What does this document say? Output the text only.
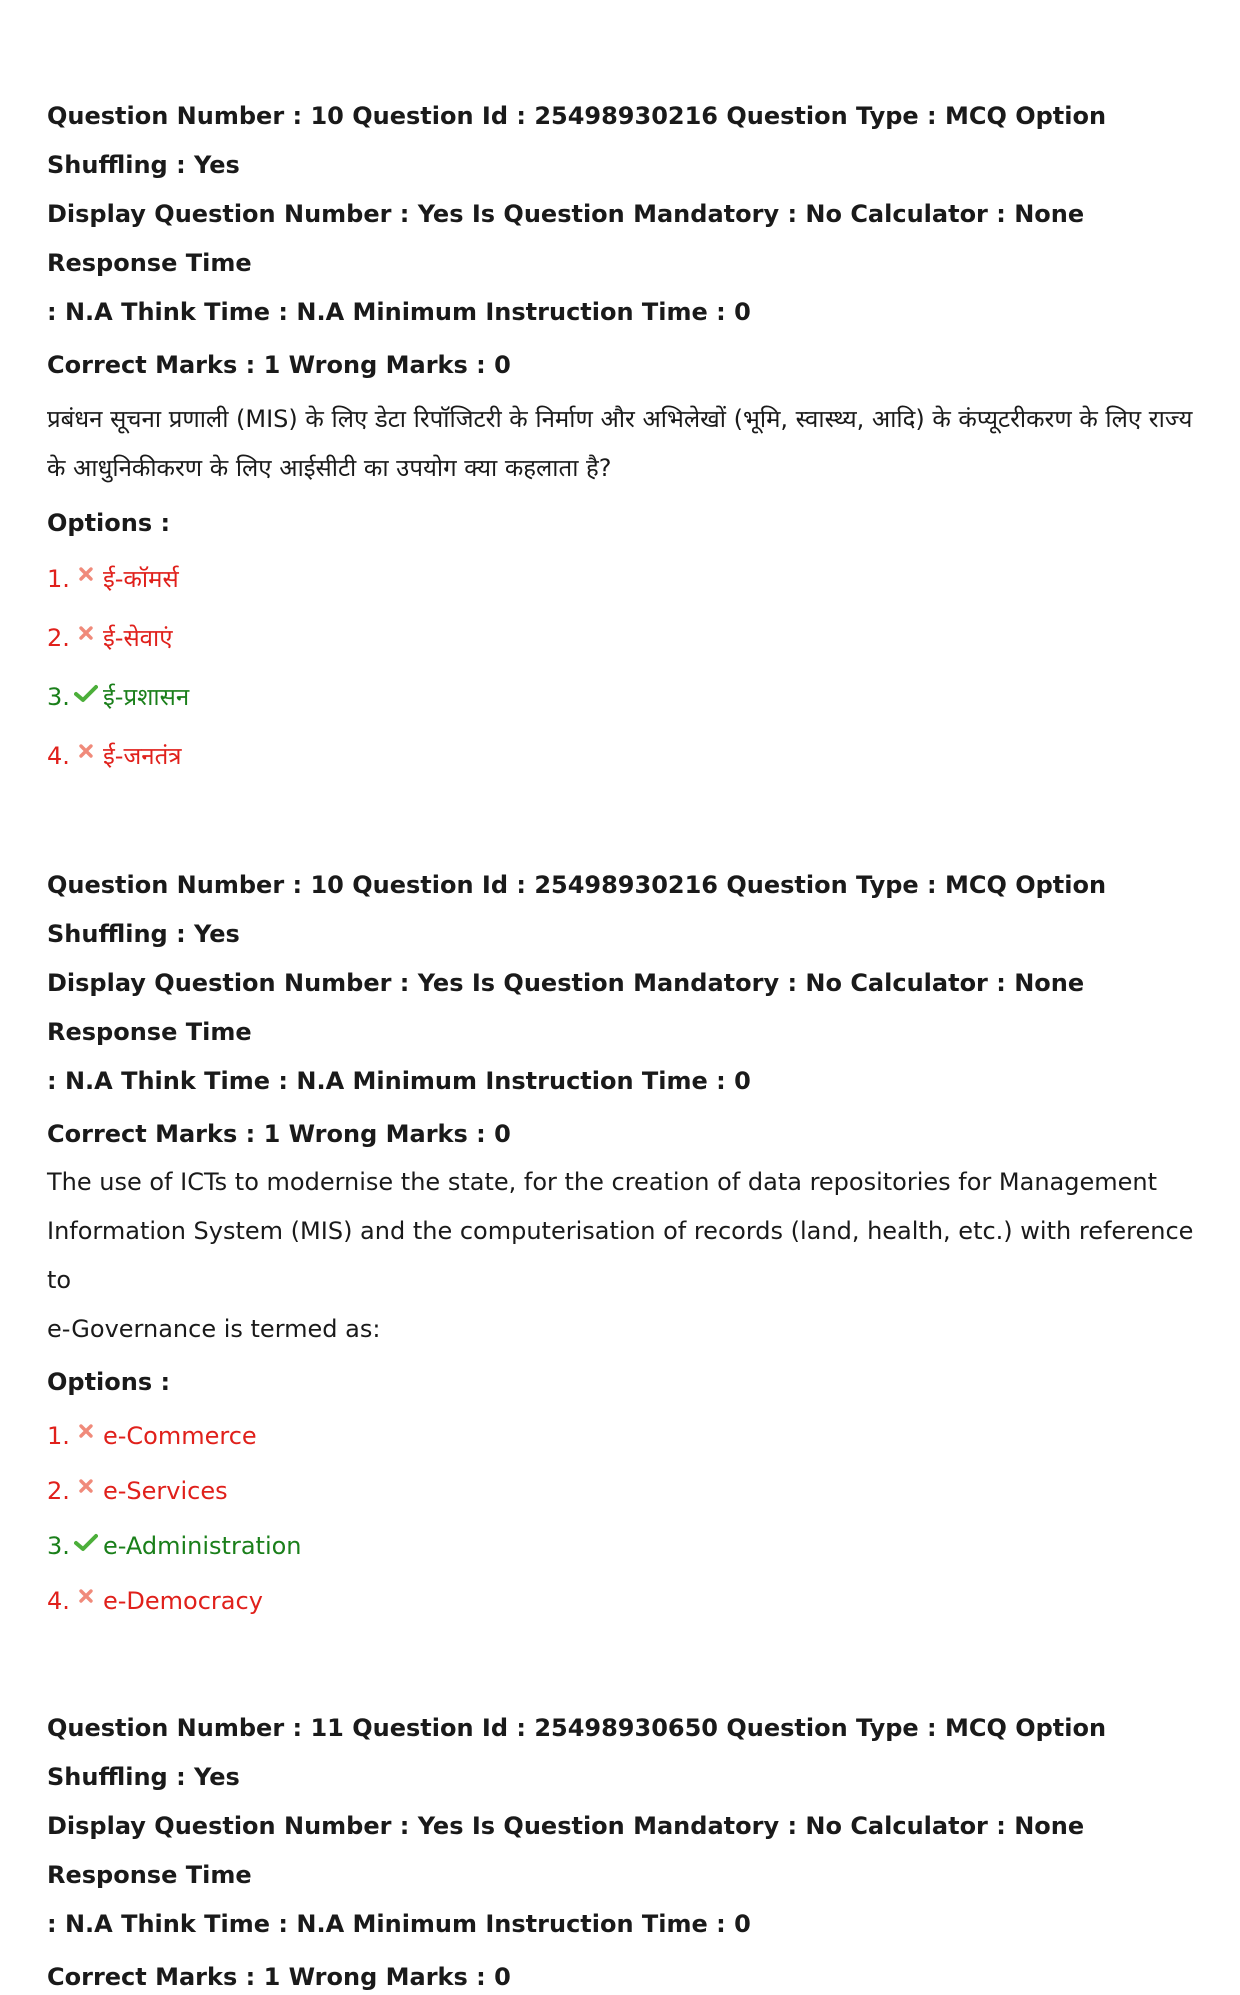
Question Number : 10 Question Id : 25498930216 Question Type : MCQ Option Shuffling : Yes

Display Question Number : Yes Is Question Mandatory : No Calculator : None Response Time

: N.A Think Time : N.A Minimum Instruction Time : 0

Correct Marks : 1 Wrong Marks : 0

प्रबंधन सूचना प्रणाली (MIS) के लिए डेटा रिपॉजिटरी के निर्माण और अभिलेखों (भूमि, स्वास्थ्य, आदि) के कंप्यूटरीकरण के लिए राज्य
के आधुनिकीकरण के लिए आईसीटी का उपयोग क्या कहलाता है?

Options :

1. ई-कॉमर्स
2. ई-सेवाएं
3. ई-प्रशासन
4. ई-जनतंत्र

Question Number : 10 Question Id : 25498930216 Question Type : MCQ Option Shuffling : Yes

Display Question Number : Yes Is Question Mandatory : No Calculator : None Response Time

: N.A Think Time : N.A Minimum Instruction Time : 0

Correct Marks : 1 Wrong Marks : 0

The use of ICTs to modernise the state, for the creation of data repositories for Management
Information System (MIS) and the computerisation of records (land, health, etc.) with reference to
e-Governance is termed as:

Options :

1. e-Commerce
2. e-Services
3. e-Administration
4. e-Democracy

Question Number : 11 Question Id : 25498930650 Question Type : MCQ Option Shuffling : Yes

Display Question Number : Yes Is Question Mandatory : No Calculator : None Response Time

: N.A Think Time : N.A Minimum Instruction Time : 0

Correct Marks : 1 Wrong Marks : 0
